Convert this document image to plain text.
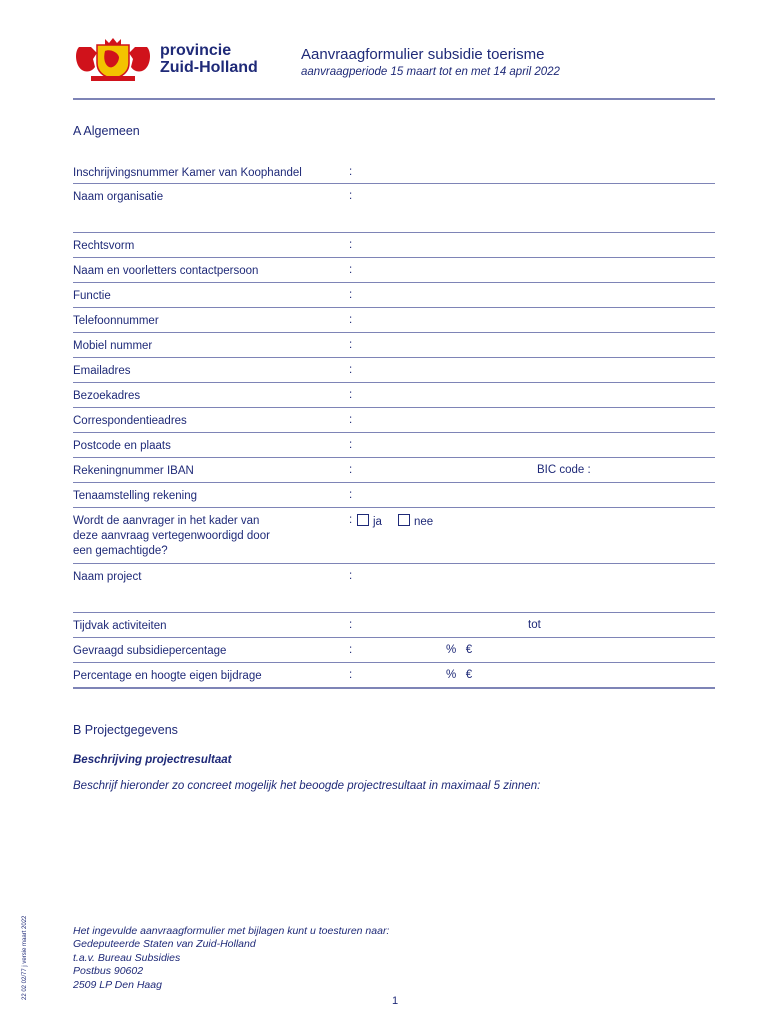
provincie
Zuid-Holland
Aanvraagformulier subsidie toerisme
aanvraagperiode 15 maart tot en met 14 april 2022
A Algemeen
Inschrijvingsnummer Kamer van Koophandel	:
Naam organisatie	:
Rechtsvorm	:
Naam en voorletters contactpersoon	:
Functie	:
Telefoonnummer	:
Mobiel nummer	:
Emailadres	:
Bezoekadres	:
Correspondentieadres	:
Postcode en plaats	:
Rekeningnummer IBAN	:	BIC code :
Tenaamstelling rekening	:
Wordt de aanvrager in het kader van deze aanvraag vertegenwoordigd door een gemachtigde?
:	ja	nee
Naam project	:
Tijdvak activiteiten	:	tot
Gevraagd subsidiepercentage	:	%   €
Percentage en hoogte eigen bijdrage	:	%   €
B Projectgegevens
Beschrijving projectresultaat
Beschrijf hieronder zo concreet mogelijk het beoogde projectresultaat in maximaal 5 zinnen:
22 02 02/77 j versie maart 2022	Het ingevulde aanvraagformulier met bijlagen kunt u toesturen naar:
Gedeputeerde Staten van Zuid-Holland
t.a.v. Bureau Subsidies
Postbus 90602
2509 LP Den Haag
1
